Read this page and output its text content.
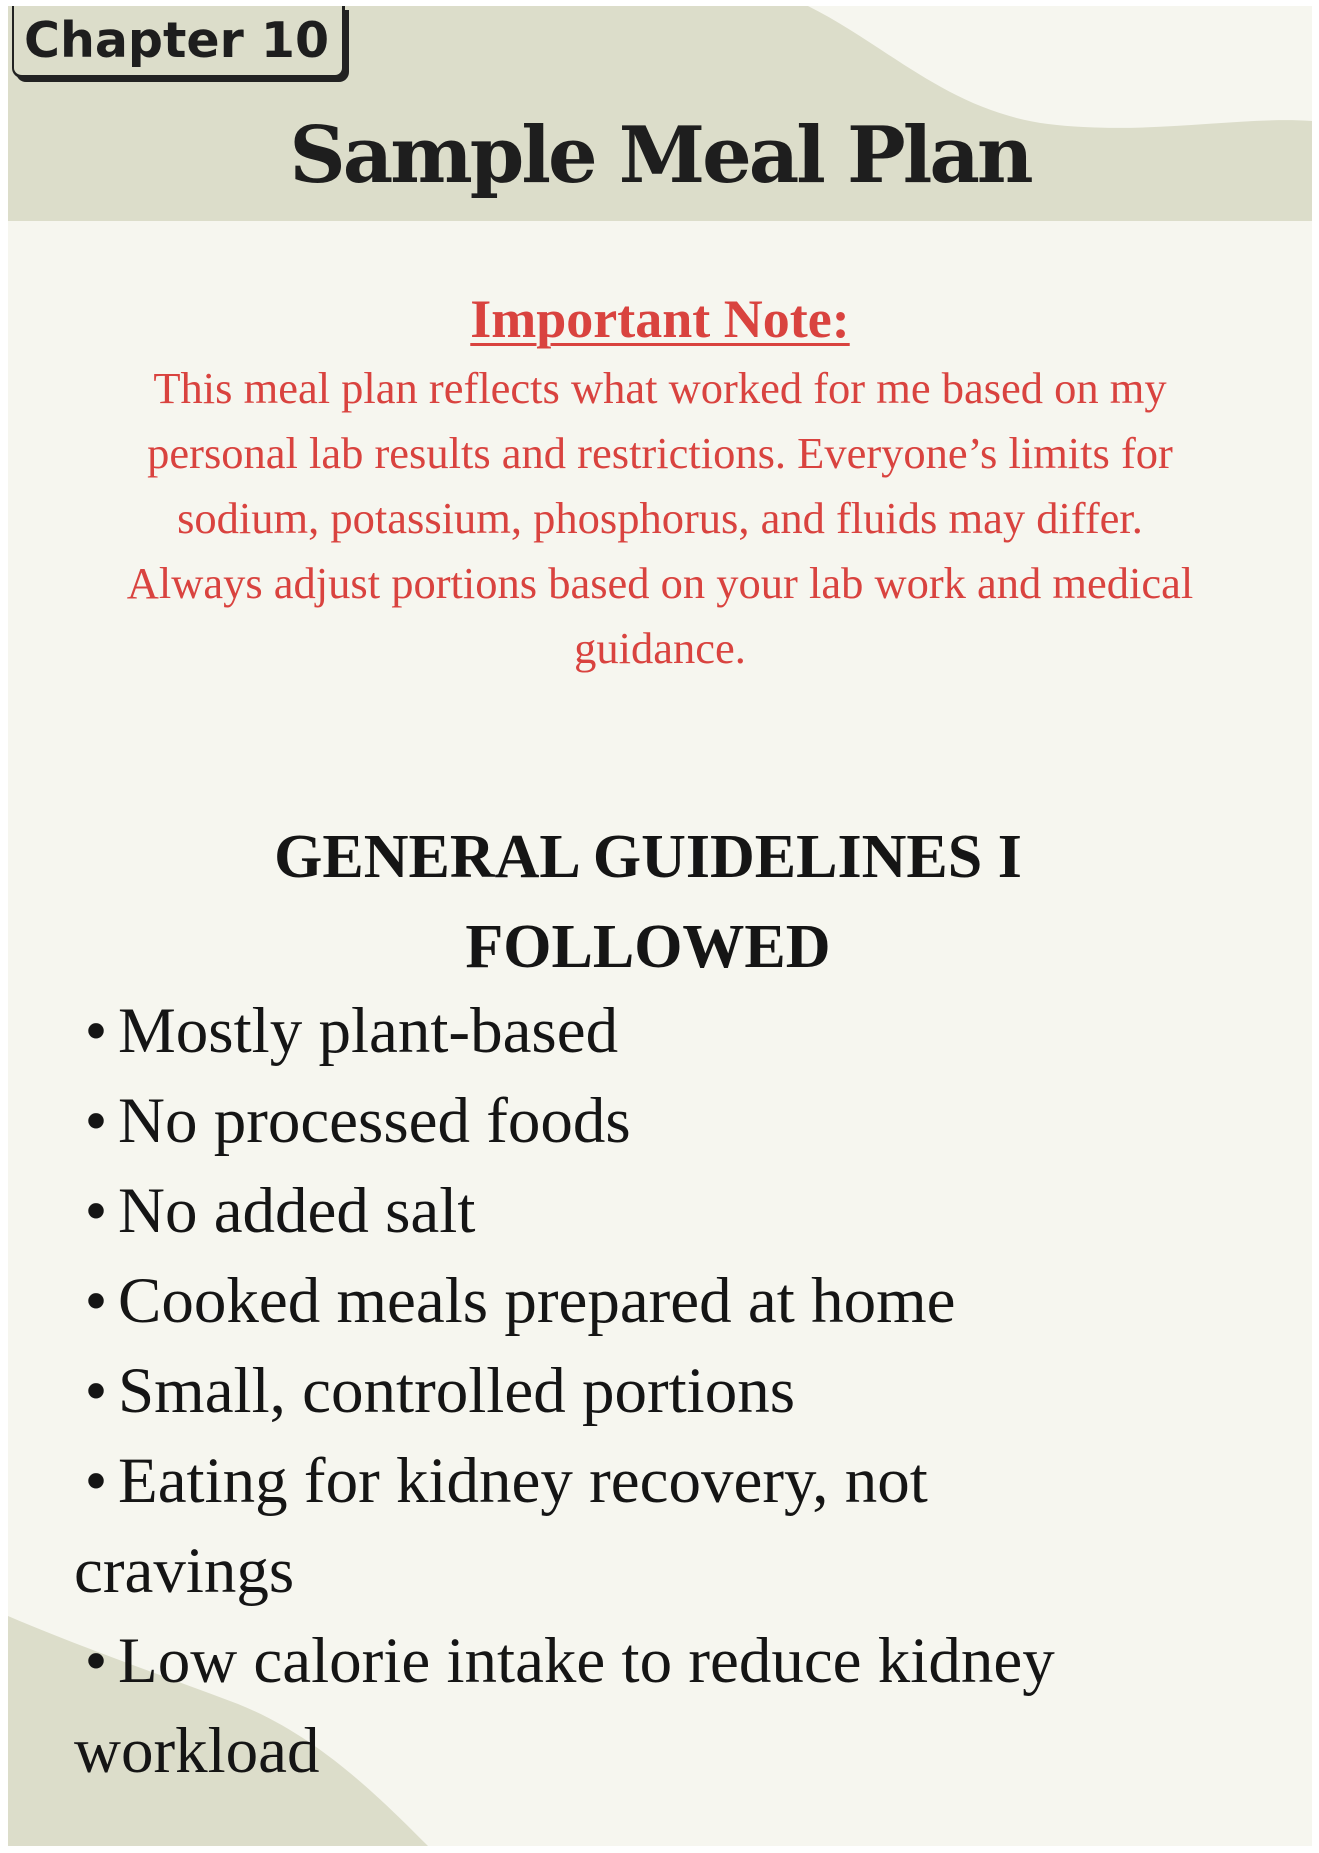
Chapter 10
Sample Meal Plan
Important Note:
This meal plan reflects what worked for me based on my
personal lab results and restrictions. Everyone’s limits for
sodium, potassium, phosphorus, and fluids may differ.
Always adjust portions based on your lab work and medical
guidance.
GENERAL GUIDELINES I
FOLLOWED
• Mostly plant-based
• No processed foods
• No added salt
• Cooked meals prepared at home
• Small, controlled portions
• Eating for kidney recovery, not
cravings
• Low calorie intake to reduce kidney
workload
